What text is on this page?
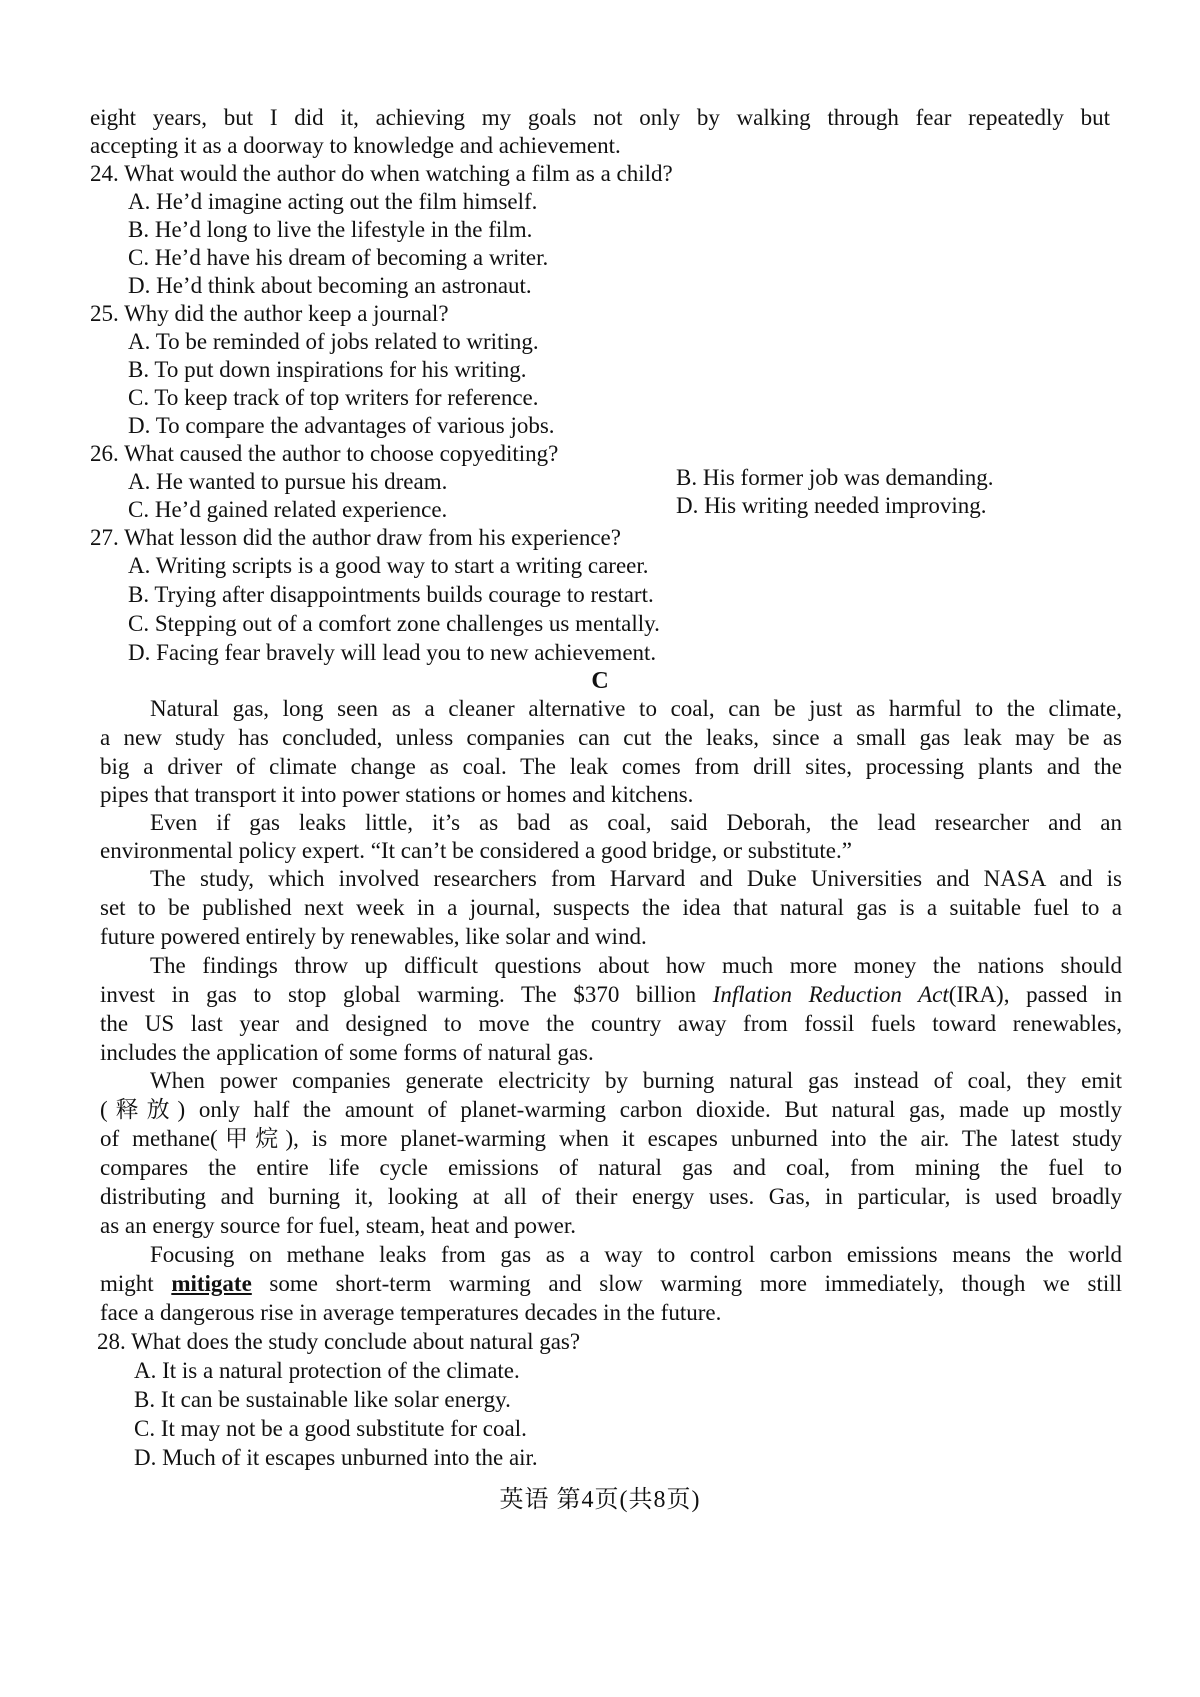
eight years, but I did it, achieving my goals not only by walking through fear repeatedly but
accepting it as a doorway to knowledge and achievement.
24. What would the author do when watching a film as a child?
A. He’d imagine acting out the film himself.
B. He’d long to live the lifestyle in the film.
C. He’d have his dream of becoming a writer.
D. He’d think about becoming an astronaut.
25. Why did the author keep a journal?
A. To be reminded of jobs related to writing.
B. To put down inspirations for his writing.
C. To keep track of top writers for reference.
D. To compare the advantages of various jobs.
26. What caused the author to choose copyediting?
A. He wanted to pursue his dream.	B. His former job was demanding.
C. He’d gained related experience.	D. His writing needed improving.
27. What lesson did the author draw from his experience?
A. Writing scripts is a good way to start a writing career.
B. Trying after disappointments builds courage to restart.
C. Stepping out of a comfort zone challenges us mentally.
D. Facing fear bravely will lead you to new achievement.
C
Natural gas, long seen as a cleaner alternative to coal, can be just as harmful to the climate,
a new study has concluded, unless companies can cut the leaks, since a small gas leak may be as
big a driver of climate change as coal. The leak comes from drill sites, processing plants and the
pipes that transport it into power stations or homes and kitchens.
Even if gas leaks little, it’s as bad as coal, said Deborah, the lead researcher and an
environmental policy expert. “It can’t be considered a good bridge, or substitute.”
The study, which involved researchers from Harvard and Duke Universities and NASA and is
set to be published next week in a journal, suspects the idea that natural gas is a suitable fuel to a
future powered entirely by renewables, like solar and wind.
The findings throw up difficult questions about how much more money the nations should
invest in gas to stop global warming. The $370 billion Inflation Reduction Act(IRA), passed in
the US last year and designed to move the country away from fossil fuels toward renewables,
includes the application of some forms of natural gas.
When power companies generate electricity by burning natural gas instead of coal, they emit
(释放) only half the amount of planet-warming carbon dioxide. But natural gas, made up mostly
of methane(甲烷), is more planet-warming when it escapes unburned into the air. The latest study
compares the entire life cycle emissions of natural gas and coal, from mining the fuel to
distributing and burning it, looking at all of their energy uses. Gas, in particular, is used broadly
as an energy source for fuel, steam, heat and power.
Focusing on methane leaks from gas as a way to control carbon emissions means the world
might mitigate some short-term warming and slow warming more immediately, though we still
face a dangerous rise in average temperatures decades in the future.
28. What does the study conclude about natural gas?
A. It is a natural protection of the climate.
B. It can be sustainable like solar energy.
C. It may not be a good substitute for coal.
D. Much of it escapes unburned into the air.
英语 第4页(共8页)
